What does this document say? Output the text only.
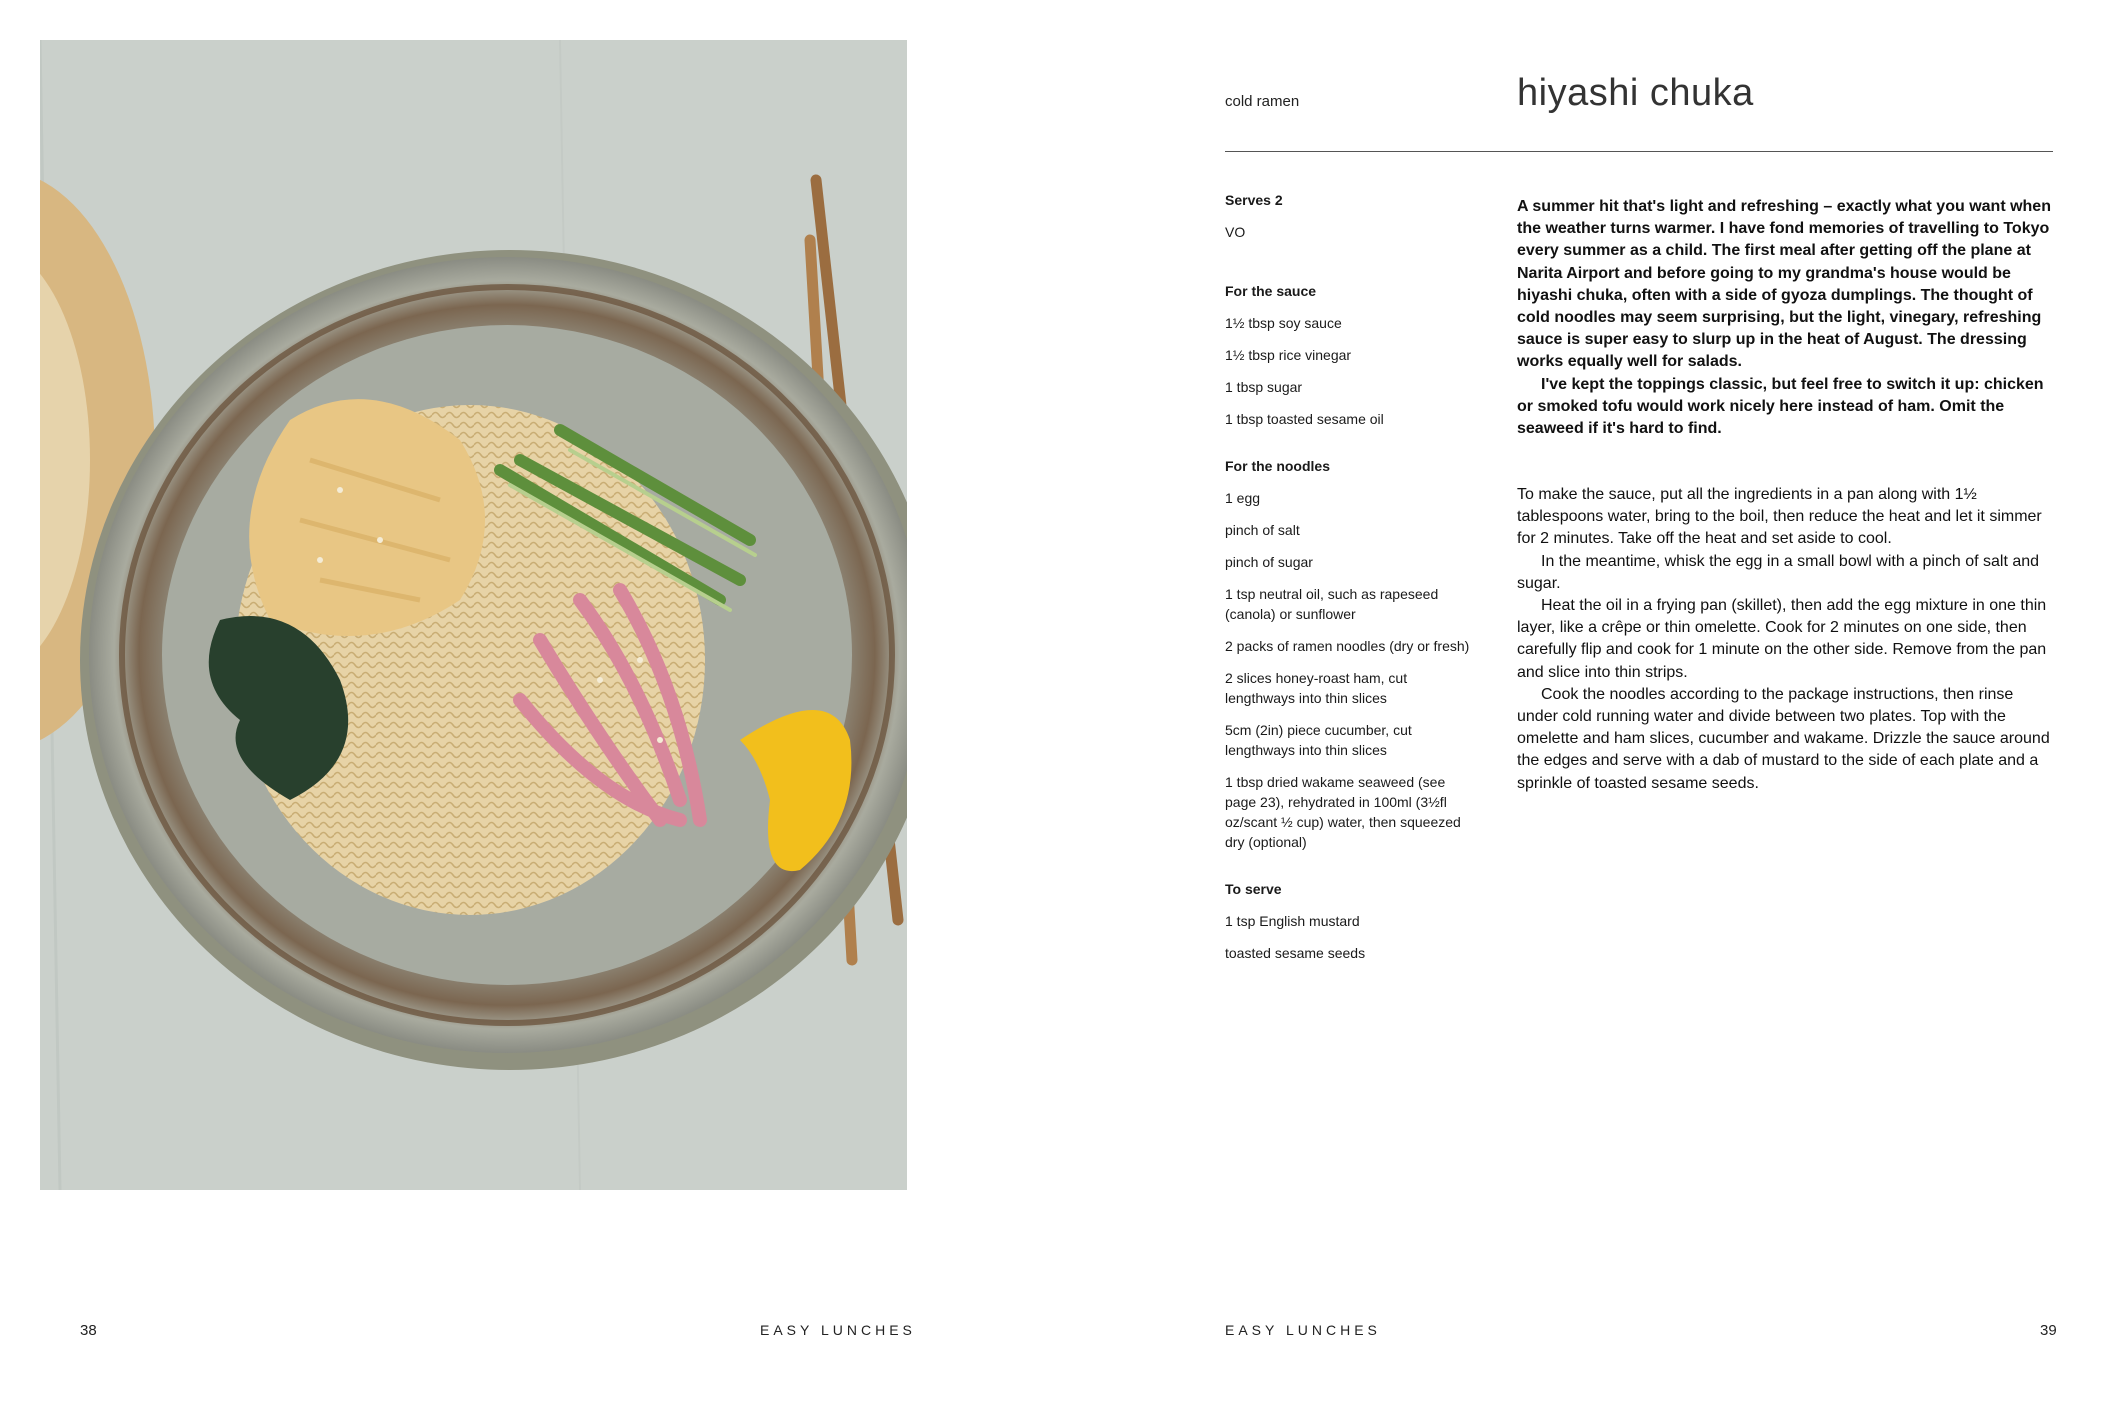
38	EASY LUNCHES
cold ramen	hiyashi chuka
Serves 2
VO
For the sauce
1½ tbsp soy sauce
1½ tbsp rice vinegar
1 tbsp sugar
1 tbsp toasted sesame oil
For the noodles
1 egg
pinch of salt
pinch of sugar
1 tsp neutral oil, such as rapeseed (canola) or sunflower
2 packs of ramen noodles (dry or fresh)
2 slices honey-roast ham, cut lengthways into thin slices
5cm (2in) piece cucumber, cut lengthways into thin slices
1 tbsp dried wakame seaweed (see page 23), rehydrated in 100ml (3½fl oz/scant ½ cup) water, then squeezed dry (optional)
To serve
1 tsp English mustard
toasted sesame seeds

A summer hit that's light and refreshing – exactly what you want when the weather turns warmer. I have fond memories of travelling to Tokyo every summer as a child. The first meal after getting off the plane at Narita Airport and before going to my grandma's house would be hiyashi chuka, often with a side of gyoza dumplings. The thought of cold noodles may seem surprising, but the light, vinegary, refreshing sauce is super easy to slurp up in the heat of August. The dressing works equally well for salads.

I've kept the toppings classic, but feel free to switch it up: chicken or smoked tofu would work nicely here instead of ham. Omit the seaweed if it's hard to find.

To make the sauce, put all the ingredients in a pan along with 1½ tablespoons water, bring to the boil, then reduce the heat and let it simmer for 2 minutes. Take off the heat and set aside to cool.

In the meantime, whisk the egg in a small bowl with a pinch of salt and sugar.

Heat the oil in a frying pan (skillet), then add the egg mixture in one thin layer, like a crêpe or thin omelette. Cook for 2 minutes on one side, then carefully flip and cook for 1 minute on the other side. Remove from the pan and slice into thin strips.

Cook the noodles according to the package instructions, then rinse under cold running water and divide between two plates. Top with the omelette and ham slices, cucumber and wakame. Drizzle the sauce around the edges and serve with a dab of mustard to the side of each plate and a sprinkle of toasted sesame seeds.

EASY LUNCHES	39
